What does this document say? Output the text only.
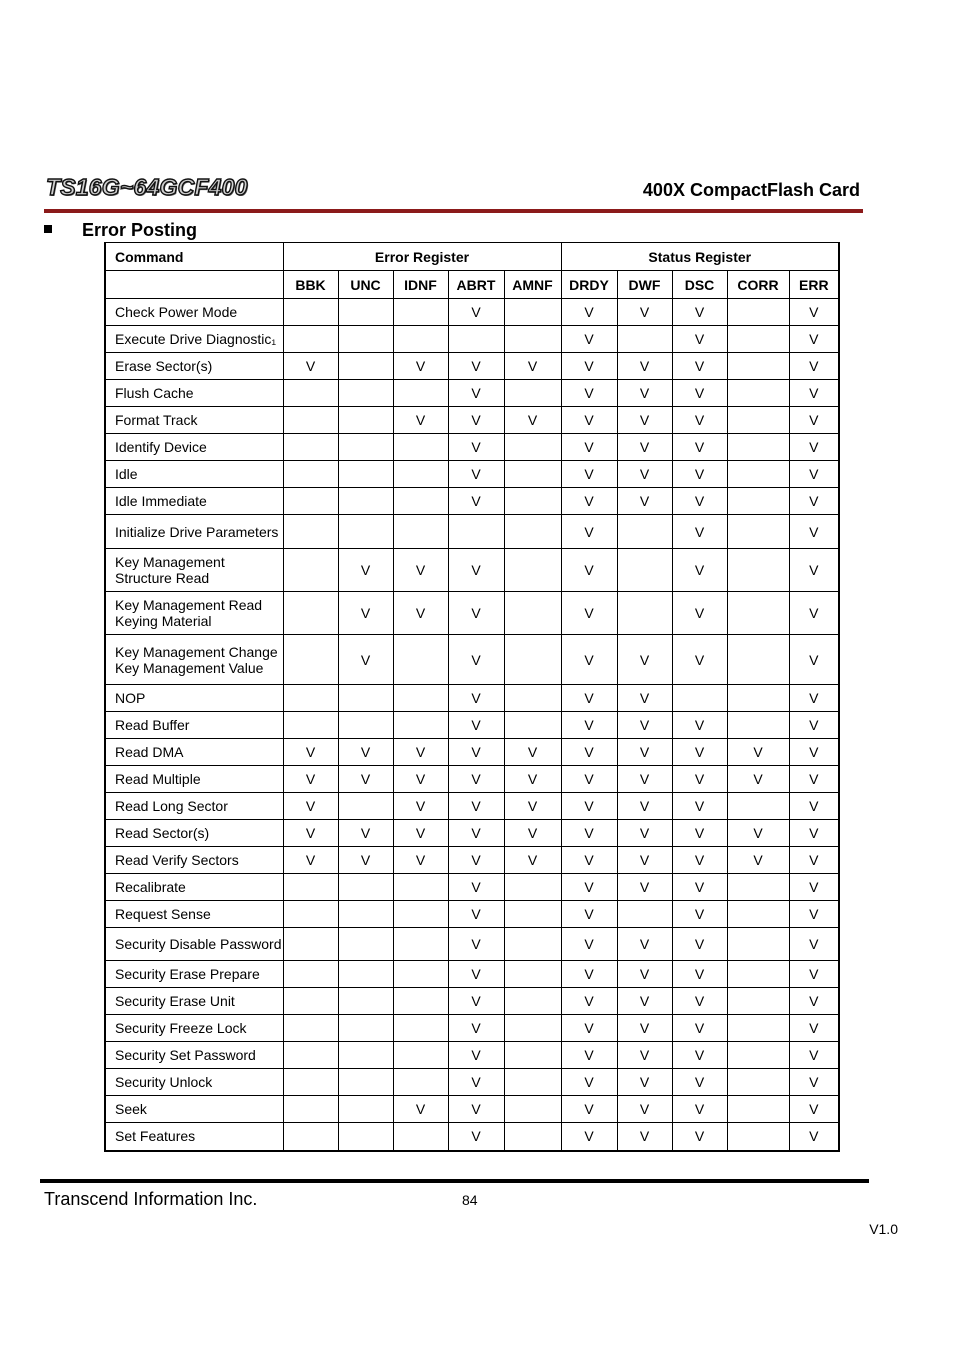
TS16G~64GCF400	400X CompactFlash Card
Error Posting
Command	Error Register					Status Register				
	BBK	UNC	IDNF	ABRT	AMNF	DRDY	DWF	DSC	CORR	ERR
Check Power Mode				V		V	V	V		V
Execute Drive Diagnostic₁						V		V		V
Erase Sector(s)	V		V	V	V	V	V	V		V
Flush Cache				V		V	V	V		V
Format Track			V	V	V	V	V	V		V
Identify Device				V		V	V	V		V
Idle				V		V	V	V		V
Idle Immediate				V		V	V	V		V
Initialize Drive Parameters						V		V		V
Key Management Structure Read		V	V	V		V		V		V
Key Management Read Keying Material		V	V	V		V		V		V
Key Management Change Key Management Value		V		V		V	V	V		V
NOP				V		V	V			V
Read Buffer				V		V	V	V		V
Read DMA	V	V	V	V	V	V	V	V	V	V
Read Multiple	V	V	V	V	V	V	V	V	V	V
Read Long Sector	V		V	V	V	V	V	V		V
Read Sector(s)	V	V	V	V	V	V	V	V	V	V
Read Verify Sectors	V	V	V	V	V	V	V	V	V	V
Recalibrate				V		V	V	V		V
Request Sense				V		V		V		V
Security Disable Password				V		V	V	V		V
Security Erase Prepare				V		V	V	V		V
Security Erase Unit				V		V	V	V		V
Security Freeze Lock				V		V	V	V		V
Security Set Password				V		V	V	V		V
Security Unlock				V		V	V	V		V
Seek			V	V		V	V	V		V
Set Features				V		V	V	V		V
Transcend Information Inc.	84
V1.0
